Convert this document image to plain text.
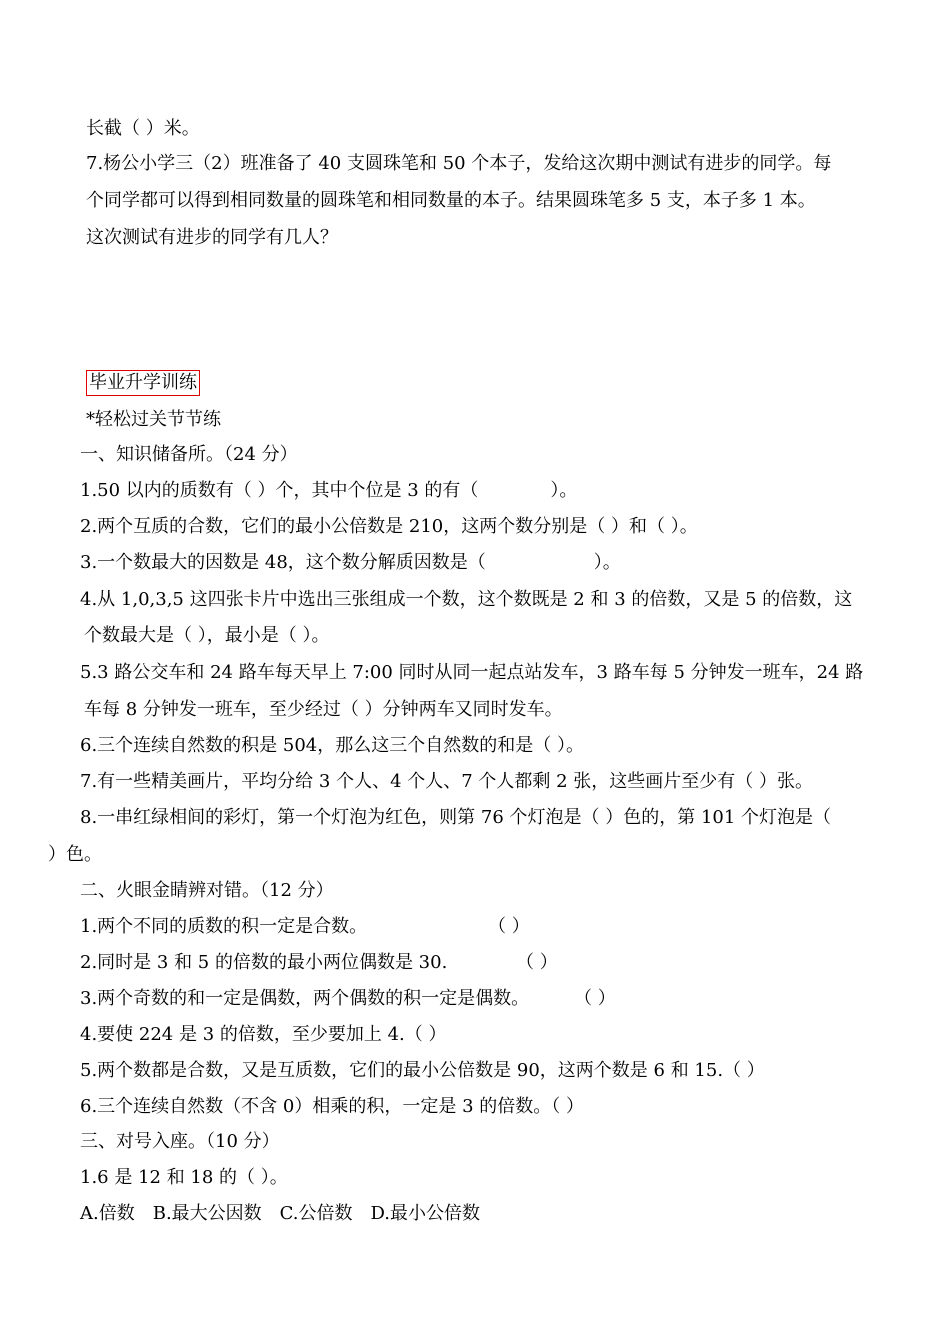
长截（ ）米。
7.杨公小学三（2）班准备了 40 支圆珠笔和 50 个本子，发给这次期中测试有进步的同学。每
个同学都可以得到相同数量的圆珠笔和相同数量的本子。结果圆珠笔多 5 支，本子多 1 本。
这次测试有进步的同学有几人？
毕业升学训练
*轻松过关节节练
一、知识储备所。（24 分）
1.50 以内的质数有（ ）个，其中个位是 3 的有（　　　　）。
2.两个互质的合数，它们的最小公倍数是 210，这两个数分别是（ ）和（ ）。
3.一个数最大的因数是 48，这个数分解质因数是（　　　　　　）。
4.从 1,0,3,5 这四张卡片中选出三张组成一个数，这个数既是 2 和 3 的倍数，又是 5 的倍数，这
个数最大是（ ），最小是（ ）。
5.3 路公交车和 24 路车每天早上 7:00 同时从同一起点站发车，3 路车每 5 分钟发一班车，24 路
车每 8 分钟发一班车，至少经过（ ）分钟两车又同时发车。
6.三个连续自然数的积是 504，那么这三个自然数的和是（ ）。
7.有一些精美画片，平均分给 3 个人、4 个人、7 个人都剩 2 张，这些画片至少有（ ）张。
8.一串红绿相间的彩灯，第一个灯泡为红色，则第 76 个灯泡是（ ）色的，第 101 个灯泡是（
）色。
二、火眼金睛辨对错。（12 分）
1.两个不同的质数的积一定是合数。	（ ）
2.同时是 3 和 5 的倍数的最小两位偶数是 30.	（ ）
3.两个奇数的和一定是偶数，两个偶数的积一定是偶数。 （ ）
4.要使 224 是 3 的倍数，至少要加上 4.（ ）
5.两个数都是合数，又是互质数，它们的最小公倍数是 90，这两个数是 6 和 15.（ ）
6.三个连续自然数（不含 0）相乘的积，一定是 3 的倍数。（ ）
三、对号入座。（10 分）
1.6 是 12 和 18 的（ ）。
A.倍数　B.最大公因数　C.公倍数　D.最小公倍数
